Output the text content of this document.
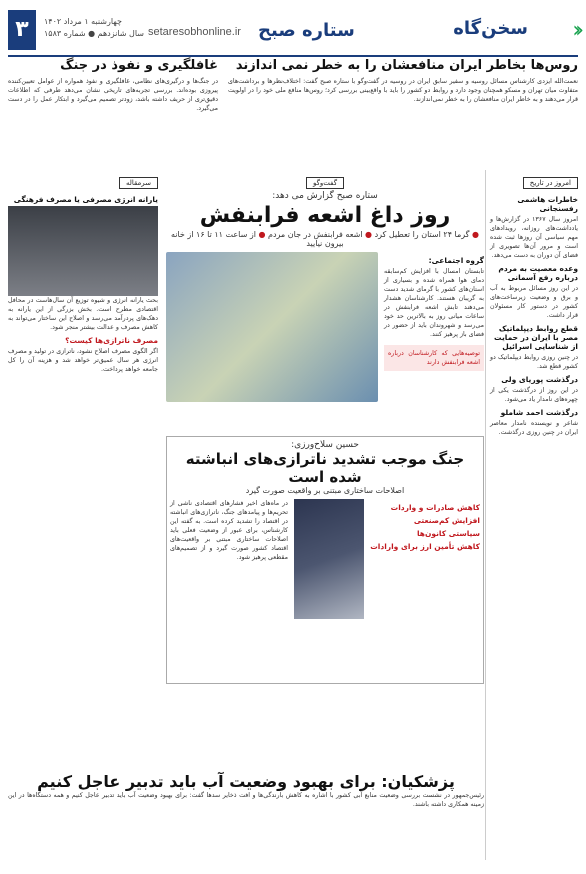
۳	چهارشنبه ۱ مرداد ۱۴۰۲
سال شانزدهم ● شماره ۱۵۸۳ setaresobhonline.ir ستاره صبح	سخن‌گاه ‹‹
روس‌ها بخاطر ایران منافعشان را به خطر نمی اندازند
نعمت‌الله ایزدی کارشناس مسائل روسیه و سفیر سابق ایران در روسیه در گفت‌وگو با ستاره صبح گفت: اختلاف‌نظرها و برداشت‌های متفاوت میان تهران و مسکو همچنان وجود دارد و روابط دو کشور را باید با واقع‌بینی بررسی کرد؛ روس‌ها منافع ملی خود را در اولویت قرار می‌دهند و به خاطر ایران منافعشان را به خطر نمی‌اندازند.
غافلگیری و نفوذ در جنگ
در جنگ‌ها و درگیری‌های نظامی، غافلگیری و نفوذ همواره از عوامل تعیین‌کننده پیروزی بوده‌اند. بررسی تجربه‌های تاریخی نشان می‌دهد طرفی که اطلاعات دقیق‌تری از حریف داشته باشد، زودتر تصمیم می‌گیرد و ابتکار عمل را در دست می‌گیرد.
امروز در تاریخ
خاطرات هاشمی رفسنجانی
امروز سال ۱۳۶۷ در گزارش‌ها و یادداشت‌های روزانه، رویدادهای مهم سیاسی آن روزها ثبت شده است و مرور آن‌ها تصویری از فضای آن دوران به دست می‌دهد.
وعده معصیت به مردم درباره رفع آسمانی
در این روز مسائل مربوط به آب و برق و وضعیت زیرساخت‌های کشور در دستور کار مسئولان قرار داشت.
قطع روابط دیپلماتیک مصر با ایران در حمایت از شناسایی اسرائیل
در چنین روزی روابط دیپلماتیک دو کشور قطع شد.
درگذشت پوریای ولی
در این روز از درگذشت یکی از چهره‌های نامدار یاد می‌شود.
درگذشت احمد شاملو
شاعر و نویسنده نامدار معاصر ایران در چنین روزی درگذشت.
گفت‌وگو
ستاره صبح گزارش می دهد:
روز داغ اشعه فرابنفش
● گرما ۲۴ استان را تعطیل کرد ● اشعه فرابنفش در جان مردم ● از ساعت ۱۱ تا ۱۶ از خانه بیرون نیایید
گروه اجتماعی:
تابستان امسال با افزایش کم‌سابقه دمای هوا همراه شده و بسیاری از استان‌های کشور با گرمای شدید دست به گریبان هستند. کارشناسان هشدار می‌دهند تابش اشعه فرابنفش در ساعات میانی روز به بالاترین حد خود می‌رسد و شهروندان باید از حضور در فضای باز پرهیز کنند.
توصیه‌هایی که کارشناسان درباره اشعه فرابنفش دارند
حسین سلاح‌ورزی:
جنگ موجب تشدید ناترازی‌های انباشته شده است
اصلاحات ساختاری مبتنی بر واقعیت صورت گیرد
کاهش صادرات و واردات
افزایش کم‌صنعتی
سیاستی کانون‌ها
کاهش تأمین ارز برای وارادات
در ماه‌های اخیر فشارهای اقتصادی ناشی از تحریم‌ها و پیامدهای جنگ، ناترازی‌های انباشته در اقتصاد را تشدید کرده است. به گفته این کارشناس، برای عبور از وضعیت فعلی باید اصلاحات ساختاری مبتنی بر واقعیت‌های اقتصاد کشور صورت گیرد و از تصمیم‌های مقطعی پرهیز شود.
سرمقاله
یارانه انرژی مصرفی یا مصرف فرهنگی
بحث یارانه انرژی و شیوه توزیع آن سال‌هاست در محافل اقتصادی مطرح است. بخش بزرگی از این یارانه به دهک‌های پردرآمد می‌رسد و اصلاح این ساختار می‌تواند به کاهش مصرف و عدالت بیشتر منجر شود.
مصرف ناترازی‌ها کیست؟
اگر الگوی مصرف اصلاح نشود، ناترازی در تولید و مصرف انرژی هر سال عمیق‌تر خواهد شد و هزینه آن را کل جامعه خواهد پرداخت.
پزشکیان: برای بهبود وضعیت آب باید تدبیر عاجل کنیم
رئیس‌جمهور در نشست بررسی وضعیت منابع آبی کشور با اشاره به کاهش بارندگی‌ها و افت ذخایر سدها گفت: برای بهبود وضعیت آب باید تدبیر عاجل کنیم و همه دستگاه‌ها در این زمینه همکاری داشته باشند.
